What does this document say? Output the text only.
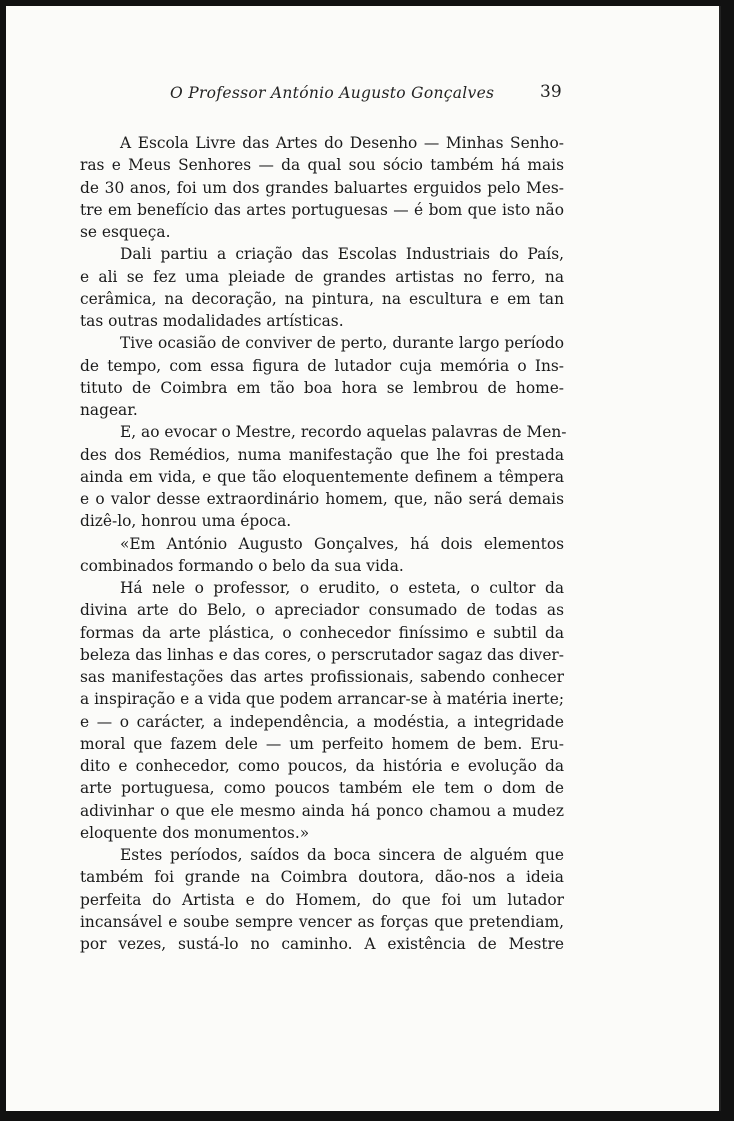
O Professor António Augusto Gonçalves	39
A Escola Livre das Artes do Desenho — Minhas Senho-
ras e Meus Senhores — da qual sou sócio também há mais
de 30 anos, foi um dos grandes baluartes erguidos pelo Mes-
tre em benefício das artes portuguesas — é bom que isto não
se esqueça.
Dali partiu a criação das Escolas Industriais do País,
e ali se fez uma pleiade de grandes artistas no ferro, na
cerâmica, na decoração, na pintura, na escultura e em tan
tas outras modalidades artísticas.
Tive ocasião de conviver de perto, durante largo período
de tempo, com essa figura de lutador cuja memória o Ins-
tituto de Coimbra em tão boa hora se lembrou de home-
nagear.
E, ao evocar o Mestre, recordo aquelas palavras de Men-
des dos Remédios, numa manifestação que lhe foi prestada
ainda em vida, e que tão eloquentemente definem a têmpera
e o valor desse extraordinário homem, que, não será demais
dizê-lo, honrou uma época.
«Em António Augusto Gonçalves, há dois elementos
combinados formando o belo da sua vida.
Há nele o professor, o erudito, o esteta, o cultor da
divina arte do Belo, o apreciador consumado de todas as
formas da arte plástica, o conhecedor finíssimo e subtil da
beleza das linhas e das cores, o perscrutador sagaz das diver-
sas manifestações das artes profissionais, sabendo conhecer
a inspiração e a vida que podem arrancar-se à matéria inerte;
e — o carácter, a independência, a modéstia, a integridade
moral que fazem dele — um perfeito homem de bem. Eru-
dito e conhecedor, como poucos, da história e evolução da
arte portuguesa, como poucos também ele tem o dom de
adivinhar o que ele mesmo ainda há ponco chamou a mudez
eloquente dos monumentos.»
Estes períodos, saídos da boca sincera de alguém que
também foi grande na Coimbra doutora, dão-nos a ideia
perfeita do Artista e do Homem, do que foi um lutador
incansável e soube sempre vencer as forças que pretendiam,
por vezes, sustá-lo no caminho. A existência de Mestre
